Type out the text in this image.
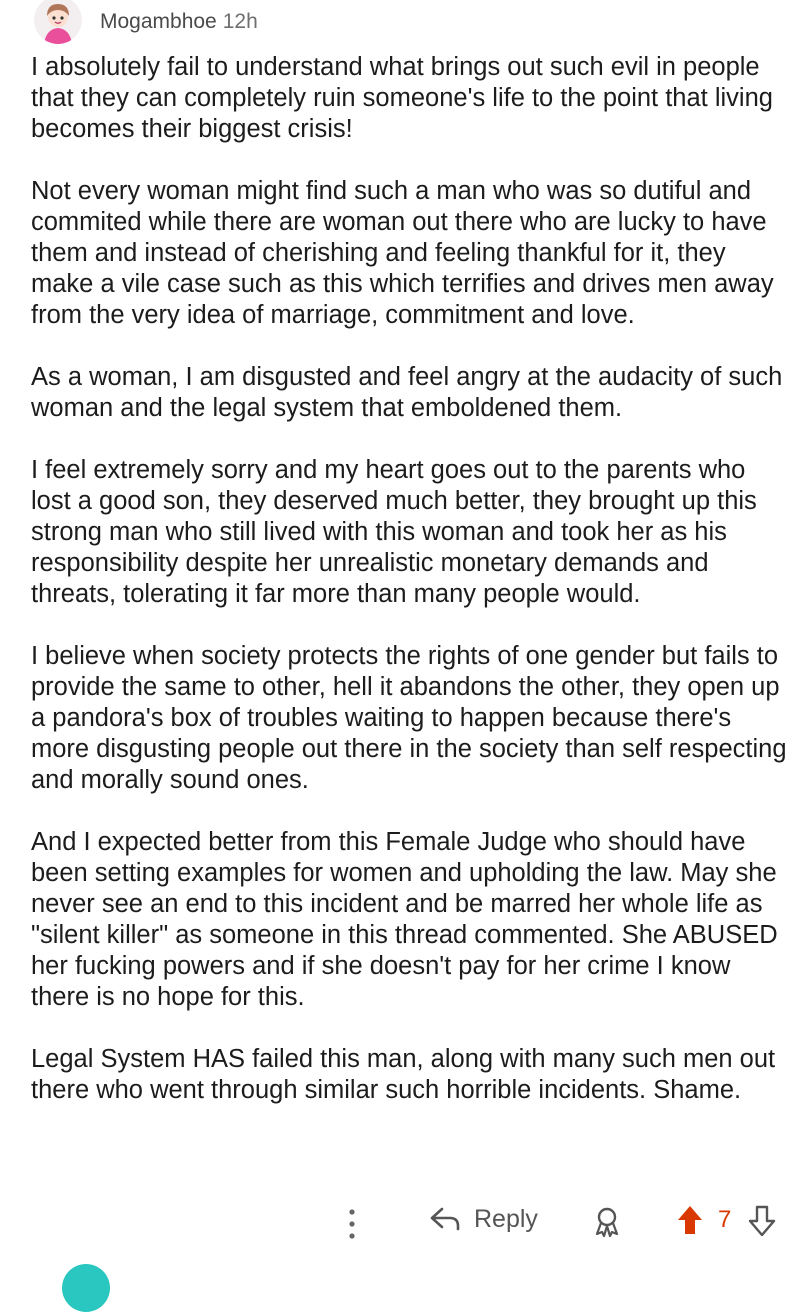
Mogambhoe 12h

I absolutely fail to understand what brings out such evil in people that they can completely ruin someone's life to the point that living becomes their biggest crisis!

Not every woman might find such a man who was so dutiful and commited while there are woman out there who are lucky to have them and instead of cherishing and feeling thankful for it, they make a vile case such as this which terrifies and drives men away from the very idea of marriage, commitment and love.

As a woman, I am disgusted and feel angry at the audacity of such woman and the legal system that emboldened them.

I feel extremely sorry and my heart goes out to the parents who lost a good son, they deserved much better, they brought up this strong man who still lived with this woman and took her as his responsibility despite her unrealistic monetary demands and threats, tolerating it far more than many people would.

I believe when society protects the rights of one gender but fails to provide the same to other, hell it abandons the other, they open up a pandora's box of troubles waiting to happen because there's more disgusting people out there in the society than self respecting and morally sound ones.

And I expected better from this Female Judge who should have been setting examples for women and upholding the law. May she never see an end to this incident and be marred her whole life as "silent killer" as someone in this thread commented. She ABUSED her fucking powers and if she doesn't pay for her crime I know there is no hope for this.

Legal System HAS failed this man, along with many such men out there who went through similar such horrible incidents. Shame.

Reply	7
